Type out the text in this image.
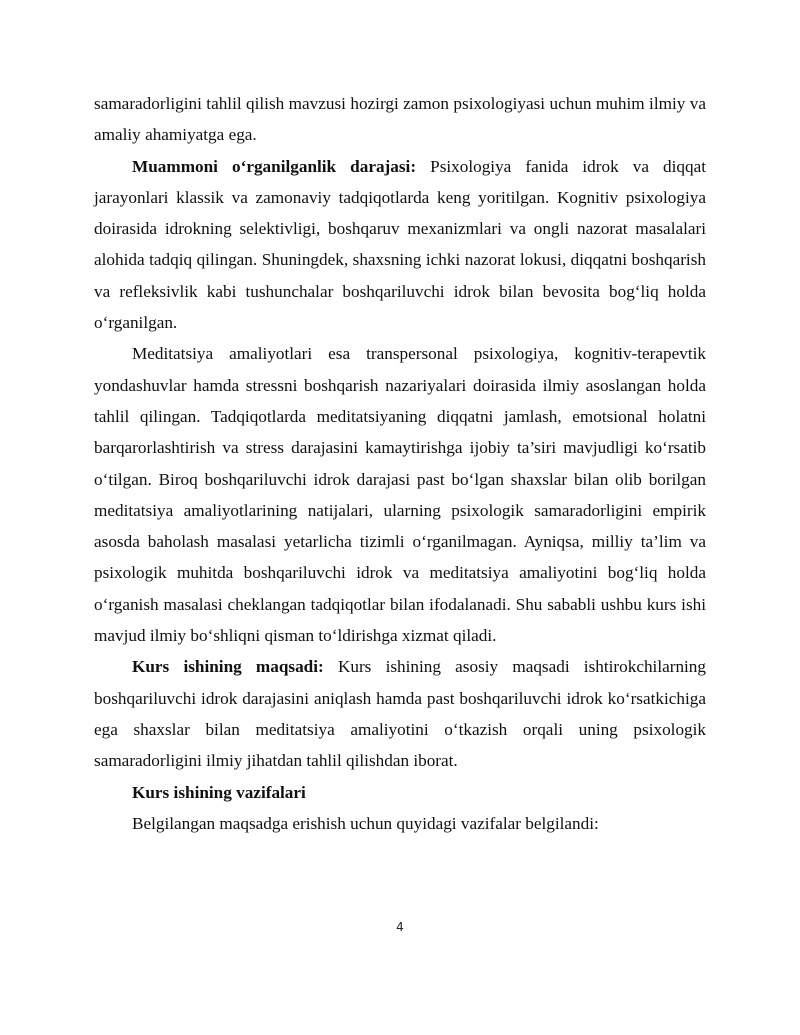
samaradorligini tahlil qilish mavzusi hozirgi zamon psixologiyasi uchun muhim ilmiy va amaliy ahamiyatga ega.

Muammoni o‘rganilganlik darajasi: Psixologiya fanida idrok va diqqat jarayonlari klassik va zamonaviy tadqiqotlarda keng yoritilgan. Kognitiv psixologiya doirasida idrokning selektivligi, boshqaruv mexanizmlari va ongli nazorat masalalari alohida tadqiq qilingan. Shuningdek, shaxsning ichki nazorat lokusi, diqqatni boshqarish va refleksivlik kabi tushunchalar boshqariluvchi idrok bilan bevosita bog‘liq holda o‘rganilgan.

Meditatsiya amaliyotlari esa transpersonal psixologiya, kognitiv-terapevtik yondashuvlar hamda stressni boshqarish nazariyalari doirasida ilmiy asoslangan holda tahlil qilingan. Tadqiqotlarda meditatsiyaning diqqatni jamlash, emotsional holatni barqarorlashtirish va stress darajasini kamaytirishga ijobiy ta’siri mavjudligi ko‘rsatib o‘tilgan. Biroq boshqariluvchi idrok darajasi past bo‘lgan shaxslar bilan olib borilgan meditatsiya amaliyotlarining natijalari, ularning psixologik samaradorligini empirik asosda baholash masalasi yetarlicha tizimli o‘rganilmagan. Ayniqsa, milliy ta’lim va psixologik muhitda boshqariluvchi idrok va meditatsiya amaliyotini bog‘liq holda o‘rganish masalasi cheklangan tadqiqotlar bilan ifodalanadi. Shu sababli ushbu kurs ishi mavjud ilmiy bo‘shliqni qisman to‘ldirishga xizmat qiladi.

Kurs ishining maqsadi: Kurs ishining asosiy maqsadi ishtirokchilarning boshqariluvchi idrok darajasini aniqlash hamda past boshqariluvchi idrok ko‘rsatkichiga ega shaxslar bilan meditatsiya amaliyotini o‘tkazish orqali uning psixologik samaradorligini ilmiy jihatdan tahlil qilishdan iborat.

Kurs ishining vazifalari

Belgilangan maqsadga erishish uchun quyidagi vazifalar belgilandi:

4
